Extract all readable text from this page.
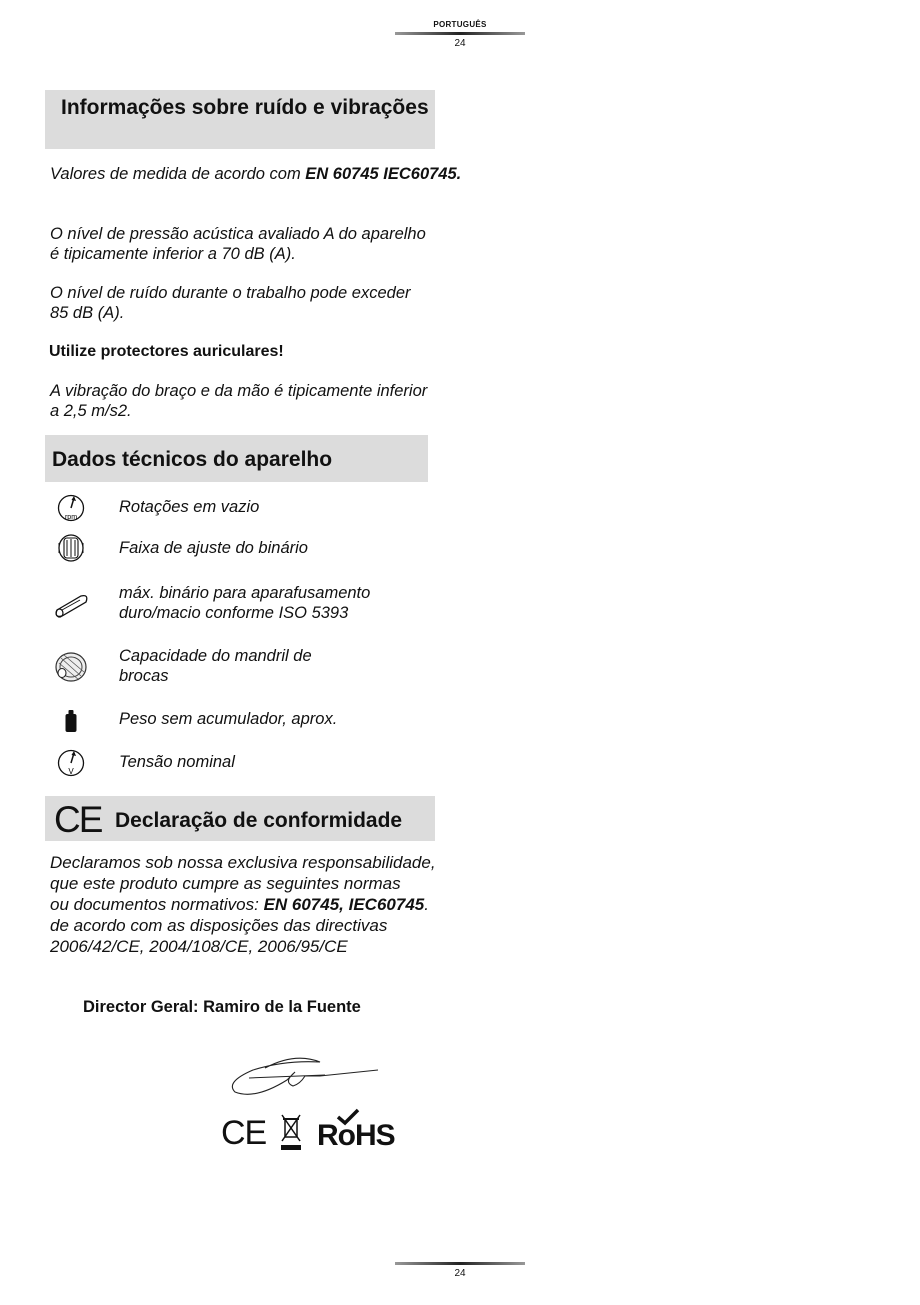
PORTUGUÊS
24
Informações sobre ruído e vibrações
Valores de medida de acordo com EN 60745 IEC60745.
O nível de pressão acústica avaliado A do aparelho
é tipicamente inferior a 70 dB (A).
O nível de ruído durante o trabalho pode exceder
85 dB (A).
Utilize protectores auriculares!
A vibração do braço e da mão é tipicamente inferior
a 2,5 m/s2.
Dados técnicos do aparelho
rpm
Rotações em vazio
Faixa de ajuste do binário
máx. binário para aparafusamento
duro/macio conforme ISO 5393
Capacidade do mandril de
brocas
Peso sem acumulador, aprox.
V
Tensão nominal
CE Declaração de conformidade
Declaramos sob nossa exclusiva responsabilidade,
que este produto cumpre as seguintes normas
ou documentos normativos: EN 60745, IEC60745.
de acordo com as disposições das directivas
2006/42/CE, 2004/108/CE, 2006/95/CE
Director Geral: Ramiro de la Fuente
CE RoHS
24
